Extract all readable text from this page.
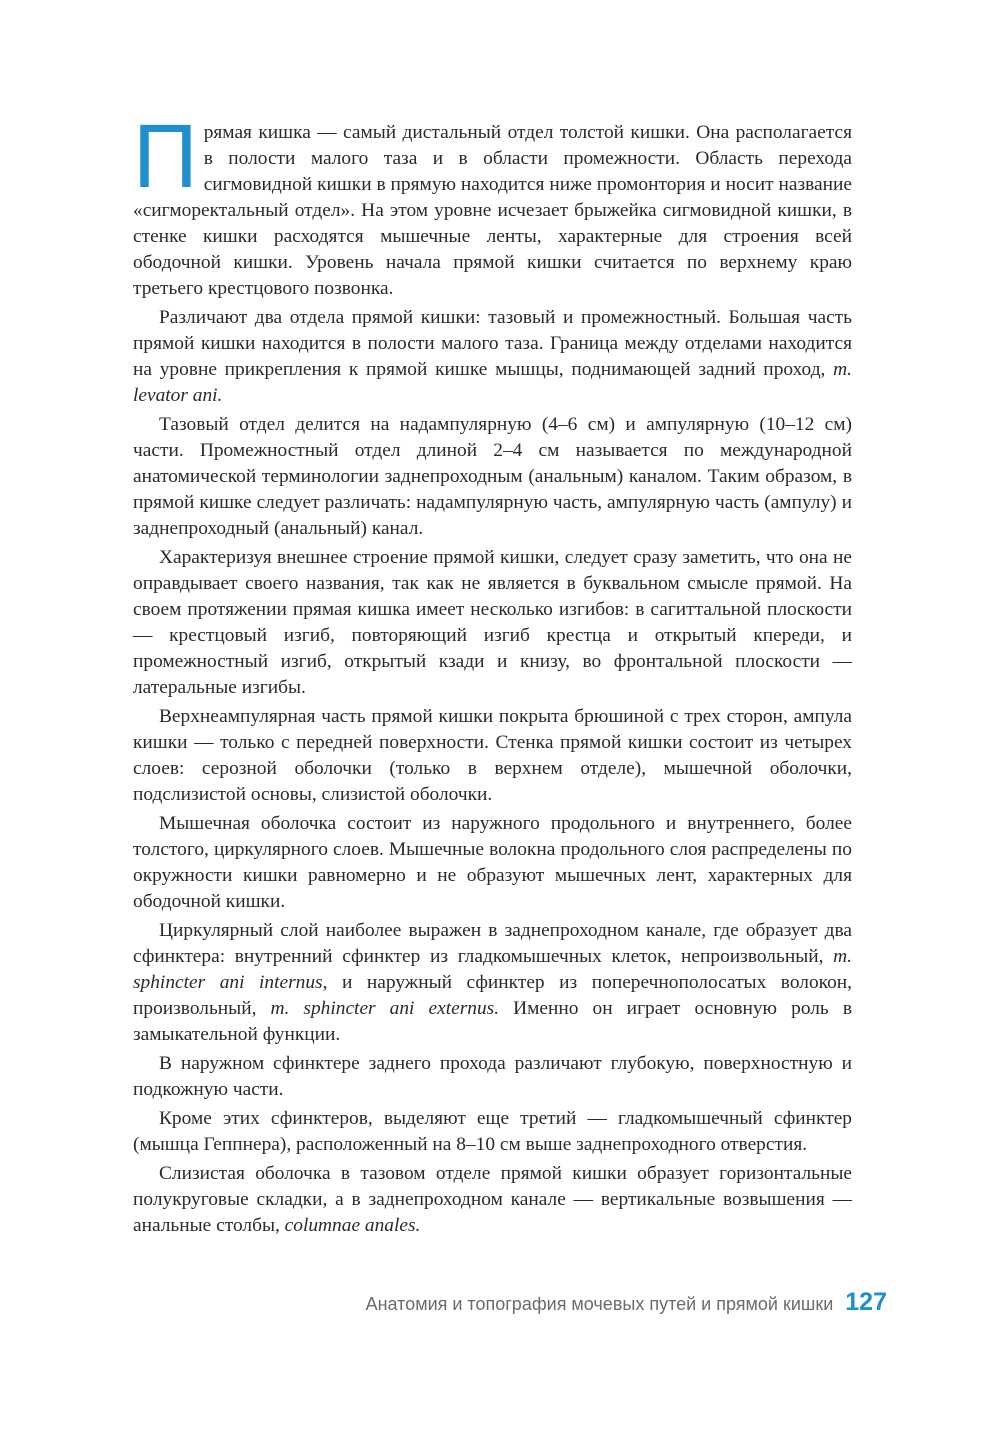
Прямая кишка — самый дистальный отдел толстой кишки. Она располагается в полости малого таза и в области промежности. Область перехода сигмовидной кишки в прямую находится ниже промонтория и носит название «сигморектальный отдел». На этом уровне исчезает брыжейка сигмовидной кишки, в стенке кишки расходятся мышечные ленты, характерные для строения всей ободочной кишки. Уровень начала прямой кишки считается по верхнему краю третьего крестцового позвонка.

Различают два отдела прямой кишки: тазовый и промежностный. Большая часть прямой кишки находится в полости малого таза. Граница между отделами находится на уровне прикрепления к прямой кишке мышцы, поднимающей задний проход, m. levator ani.

Тазовый отдел делится на надампулярную (4–6 см) и ампулярную (10–12 см) части. Промежностный отдел длиной 2–4 см называется по международной анатомической терминологии заднепроходным (анальным) каналом. Таким образом, в прямой кишке следует различать: надампулярную часть, ампулярную часть (ампулу) и заднепроходный (анальный) канал.

Характеризуя внешнее строение прямой кишки, следует сразу заметить, что она не оправдывает своего названия, так как не является в буквальном смысле прямой. На своем протяжении прямая кишка имеет несколько изгибов: в сагиттальной плоскости — крестцовый изгиб, повторяющий изгиб крестца и открытый кпереди, и промежностный изгиб, открытый кзади и книзу, во фронтальной плоскости — латеральные изгибы.

Верхнеампулярная часть прямой кишки покрыта брюшиной с трех сторон, ампула кишки — только с передней поверхности. Стенка прямой кишки состоит из четырех слоев: серозной оболочки (только в верхнем отделе), мышечной оболочки, подслизистой основы, слизистой оболочки.

Мышечная оболочка состоит из наружного продольного и внутреннего, более толстого, циркулярного слоев. Мышечные волокна продольного слоя распределены по окружности кишки равномерно и не образуют мышечных лент, характерных для ободочной кишки.

Циркулярный слой наиболее выражен в заднепроходном канале, где образует два сфинктера: внутренний сфинктер из гладкомышечных клеток, непроизвольный, m. sphincter ani internus, и наружный сфинктер из поперечнополосатых волокон, произвольный, m. sphincter ani externus. Именно он играет основную роль в замыкательной функции.

В наружном сфинктере заднего прохода различают глубокую, поверхностную и подкожную части.

Кроме этих сфинктеров, выделяют еще третий — гладкомышечный сфинктер (мышца Геппнера), расположенный на 8–10 см выше заднепроходного отверстия.

Слизистая оболочка в тазовом отделе прямой кишки образует горизонтальные полукруговые складки, а в заднепроходном канале — вертикальные возвышения — анальные столбы, columnae anales.

Анатомия и топография мочевых путей и прямой кишки 127
